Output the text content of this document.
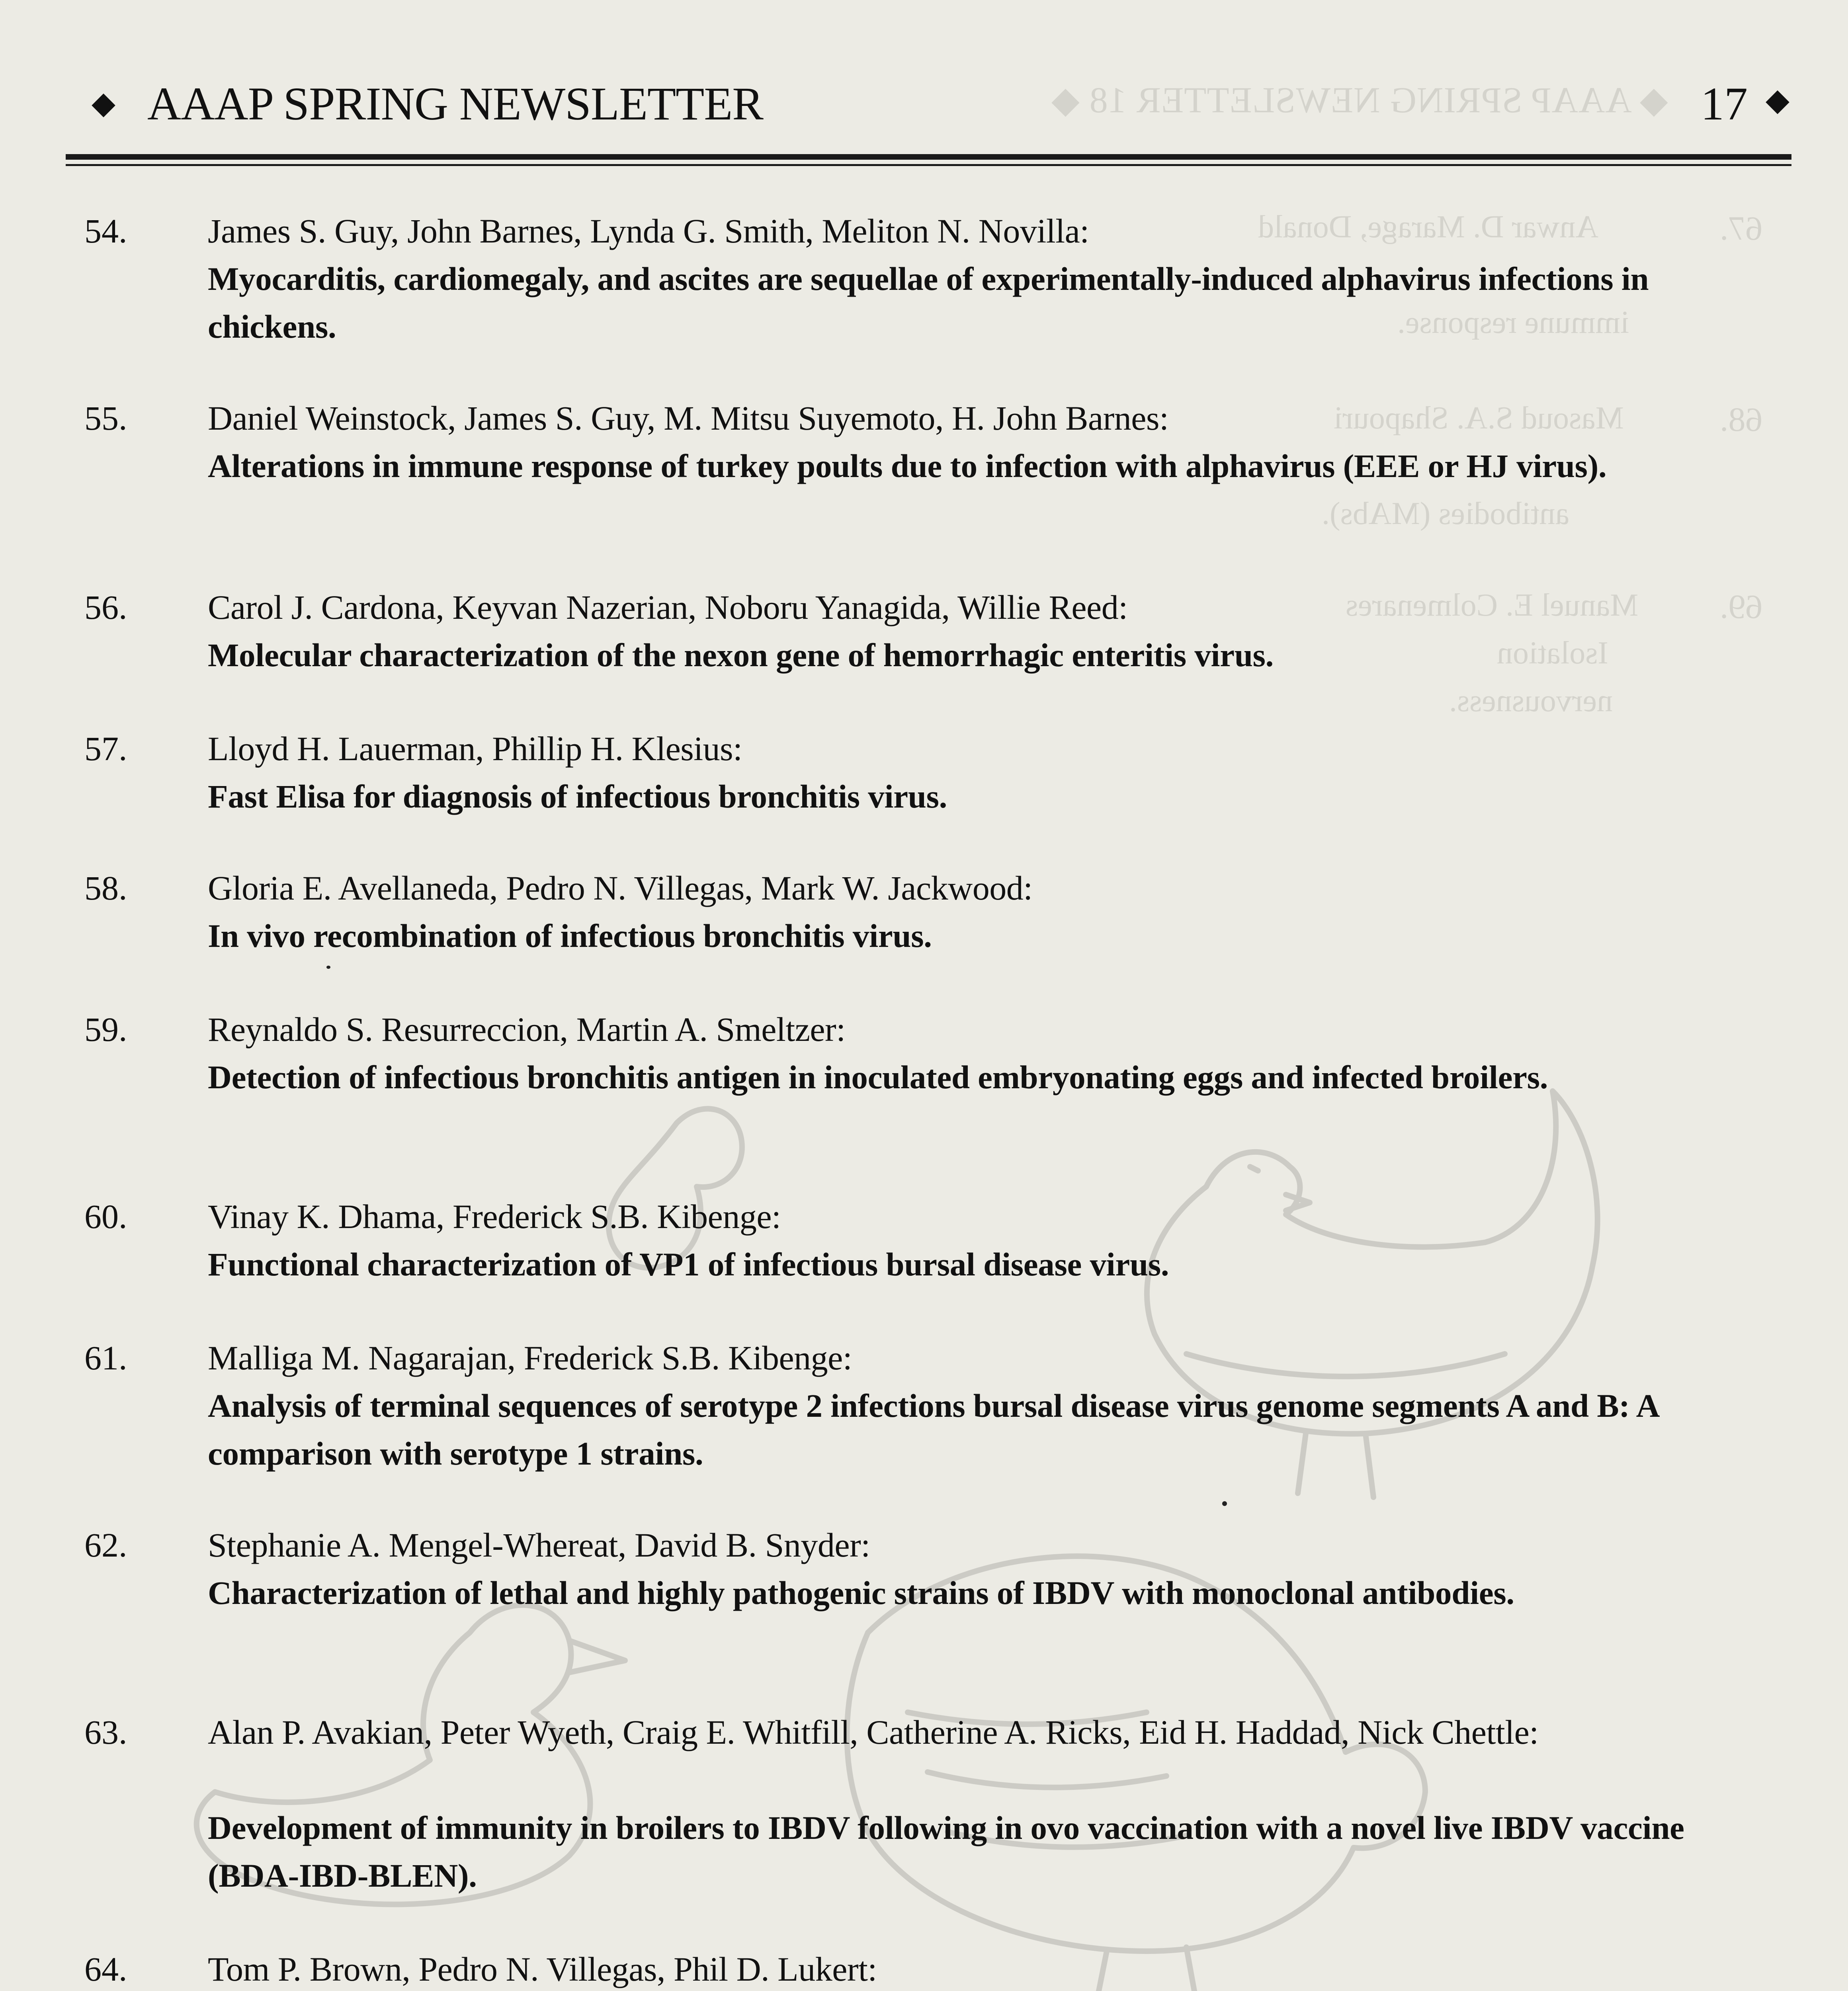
◆ AAAP SPRING NEWSLETTER 18 ◆
67.
Anwar D. Marage, Donald
immune response.
68.
Masoud S.A. Shapouri
antibodies (MAbs).
69.
Manuel E. Colmenares
Isolation
nervousness.
◆ AAAP SPRING NEWSLETTER	17 ◆
54. James S. Guy, John Barnes, Lynda G. Smith, Meliton N. Novilla:
Myocarditis, cardiomegaly, and ascites are sequellae of experimentally-induced alphavirus infections in chickens.
55. Daniel Weinstock, James S. Guy, M. Mitsu Suyemoto, H. John Barnes:
Alterations in immune response of turkey poults due to infection with alphavirus (EEE or HJ virus).
56. Carol J. Cardona, Keyvan Nazerian, Noboru Yanagida, Willie Reed:
Molecular characterization of the nexon gene of hemorrhagic enteritis virus.
57. Lloyd H. Lauerman, Phillip H. Klesius:
Fast Elisa for diagnosis of infectious bronchitis virus.
58. Gloria E. Avellaneda, Pedro N. Villegas, Mark W. Jackwood:
In vivo recombination of infectious bronchitis virus.
59. Reynaldo S. Resurreccion, Martin A. Smeltzer:
Detection of infectious bronchitis antigen in inoculated embryonating eggs and infected broilers.
60. Vinay K. Dhama, Frederick S.B. Kibenge:
Functional characterization of VP1 of infectious bursal disease virus.
61. Malliga M. Nagarajan, Frederick S.B. Kibenge:
Analysis of terminal sequences of serotype 2 infections bursal disease virus genome segments A and B: A comparison with serotype 1 strains.
62. Stephanie A. Mengel-Whereat, David B. Snyder:
Characterization of lethal and highly pathogenic strains of IBDV with monoclonal antibodies.
63. Alan P. Avakian, Peter Wyeth, Craig E. Whitfill, Catherine A. Ricks, Eid H. Haddad, Nick Chettle:
Development of immunity in broilers to IBDV following in ovo vaccination with a novel live IBDV vaccine (BDA-IBD-BLEN).
64. Tom P. Brown, Pedro N. Villegas, Phil D. Lukert:
